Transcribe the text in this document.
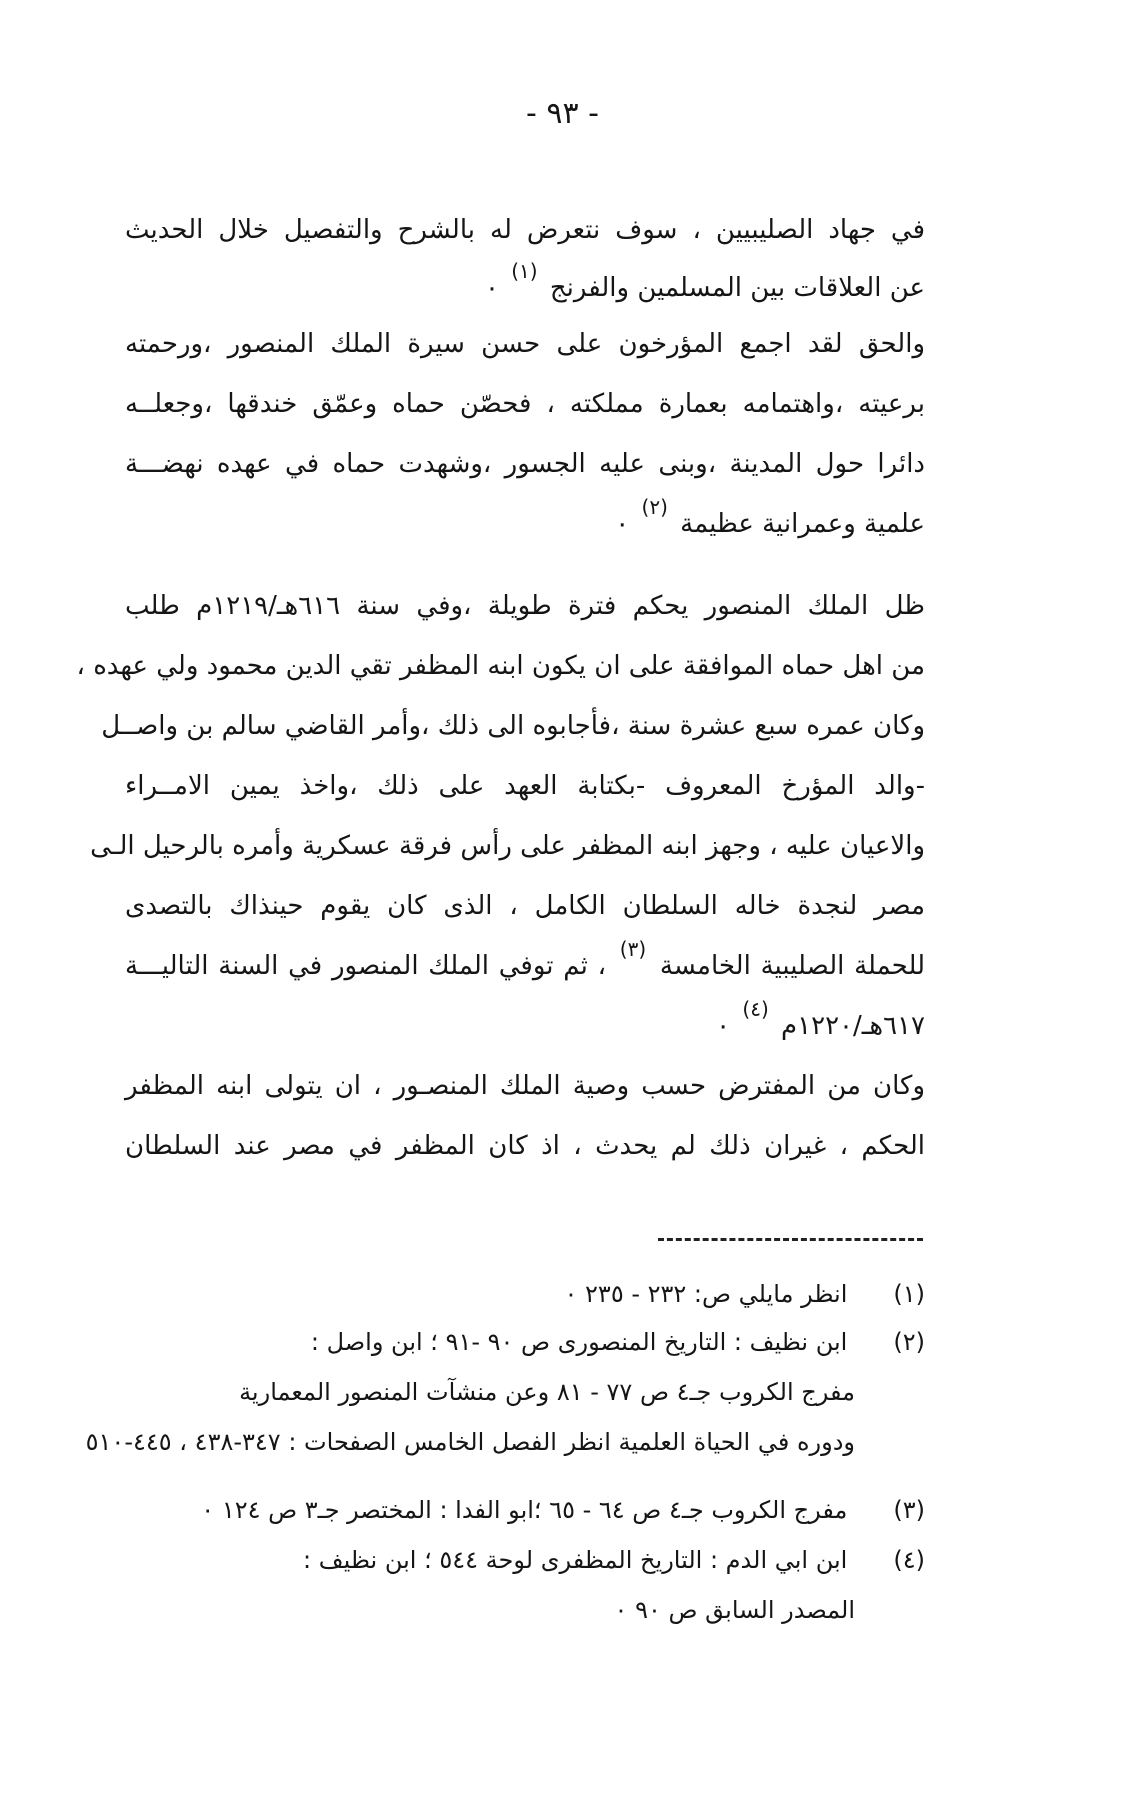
- ٩٣ -
في جهاد الصليبيين ، سوف نتعرض له بالشرح والتفصيل خلال الحديث
عن العلاقات بين المسلمين والفرنج $^{(١)}$ ٠
والحق لقد اجمع المؤرخون على حسن سيرة الملك المنصور ،ورحمته
برعيته ،واهتمامه بعمارة مملكته ، فحصّن حماه وعمّق خندقها ،وجعلــه
دائرا حول المدينة ،وبنى عليه الجسور ،وشهدت حماه في عهده نهضـــة
علمية وعمرانية عظيمة $^{(٢)}$ ٠
ظل الملك المنصور يحكم فترة طويلة ،وفي سنة ٦١٦هـ/١٢١٩م طلب
من اهل حماه الموافقة على ان يكون ابنه المظفر تقي الدين محمود ولي عهده ،
وكان عمره سبع عشرة سنة ،فأجابوه الى ذلك ،وأمر القاضي سالم بن واصــل
-والد المؤرخ المعروف -بكتابة العهد على ذلك ،واخذ يمين الامــراء
والاعيان عليه ، وجهز ابنه المظفر على رأس فرقة عسكرية وأمره بالرحيل الـى
مصر لنجدة خاله السلطان الكامل ، الذى كان يقوم حينذاك بالتصدى
للحملة الصليبية الخامسة $^{(٣)}$ ، ثم توفي الملك المنصور في السنة التاليـــة
٦١٧هـ/١٢٢٠م $^{(٤)}$ ٠
وكان من المفترض حسب وصية الملك المنصـور ، ان يتولى ابنه المظفر
الحكم ، غيران ذلك لم يحدث ، اذ كان المظفر في مصر عند السلطان
(١) انظر مايلي ص: ٢٣٢ - ٢٣٥ ٠
(٢) ابن نظيف : التاريخ المنصورى ص ٩٠ -٩١ ؛ ابن واصل :
مفرج الكروب جـ٤ ص ٧٧ - ٨١ وعن منشآت المنصور المعمارية
ودوره في الحياة العلمية انظر الفصل الخامس الصفحات : ٣٤٧-٤٣٨ ، ٤٤٥-٥١٠
(٣) مفرج الكروب جـ٤ ص ٦٤ - ٦٥ ؛ابو الفدا : المختصر جـ٣ ص ١٢٤ ٠
(٤) ابن ابي الدم : التاريخ المظفرى لوحة ٥٤٤ ؛ ابن نظيف :
المصدر السابق ص ٩٠ ٠
